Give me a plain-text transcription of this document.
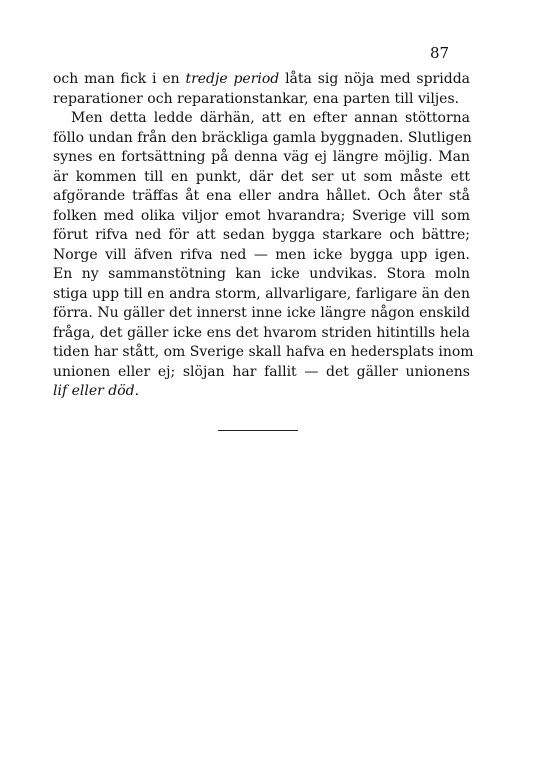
87
och man fick i en tredje period låta sig nöja med spridda
reparationer och reparationstankar, ena parten till viljes.
Men detta ledde därhän, att en efter annan stöttorna
föllo undan från den bräckliga gamla byggnaden. Slutligen
synes en fortsättning på denna väg ej längre möjlig. Man
är kommen till en punkt, där det ser ut som måste ett
afgörande träffas åt ena eller andra hållet. Och åter stå
folken med olika viljor emot hvarandra; Sverige vill som
förut rifva ned för att sedan bygga starkare och bättre;
Norge vill äfven rifva ned — men icke bygga upp igen.
En ny sammanstötning kan icke undvikas. Stora moln
stiga upp till en andra storm, allvarligare, farligare än den
förra. Nu gäller det innerst inne icke längre någon enskild
fråga, det gäller icke ens det hvarom striden hitintills hela
tiden har stått, om Sverige skall hafva en hedersplats inom
unionen eller ej; slöjan har fallit — det gäller unionens
lif eller död.
